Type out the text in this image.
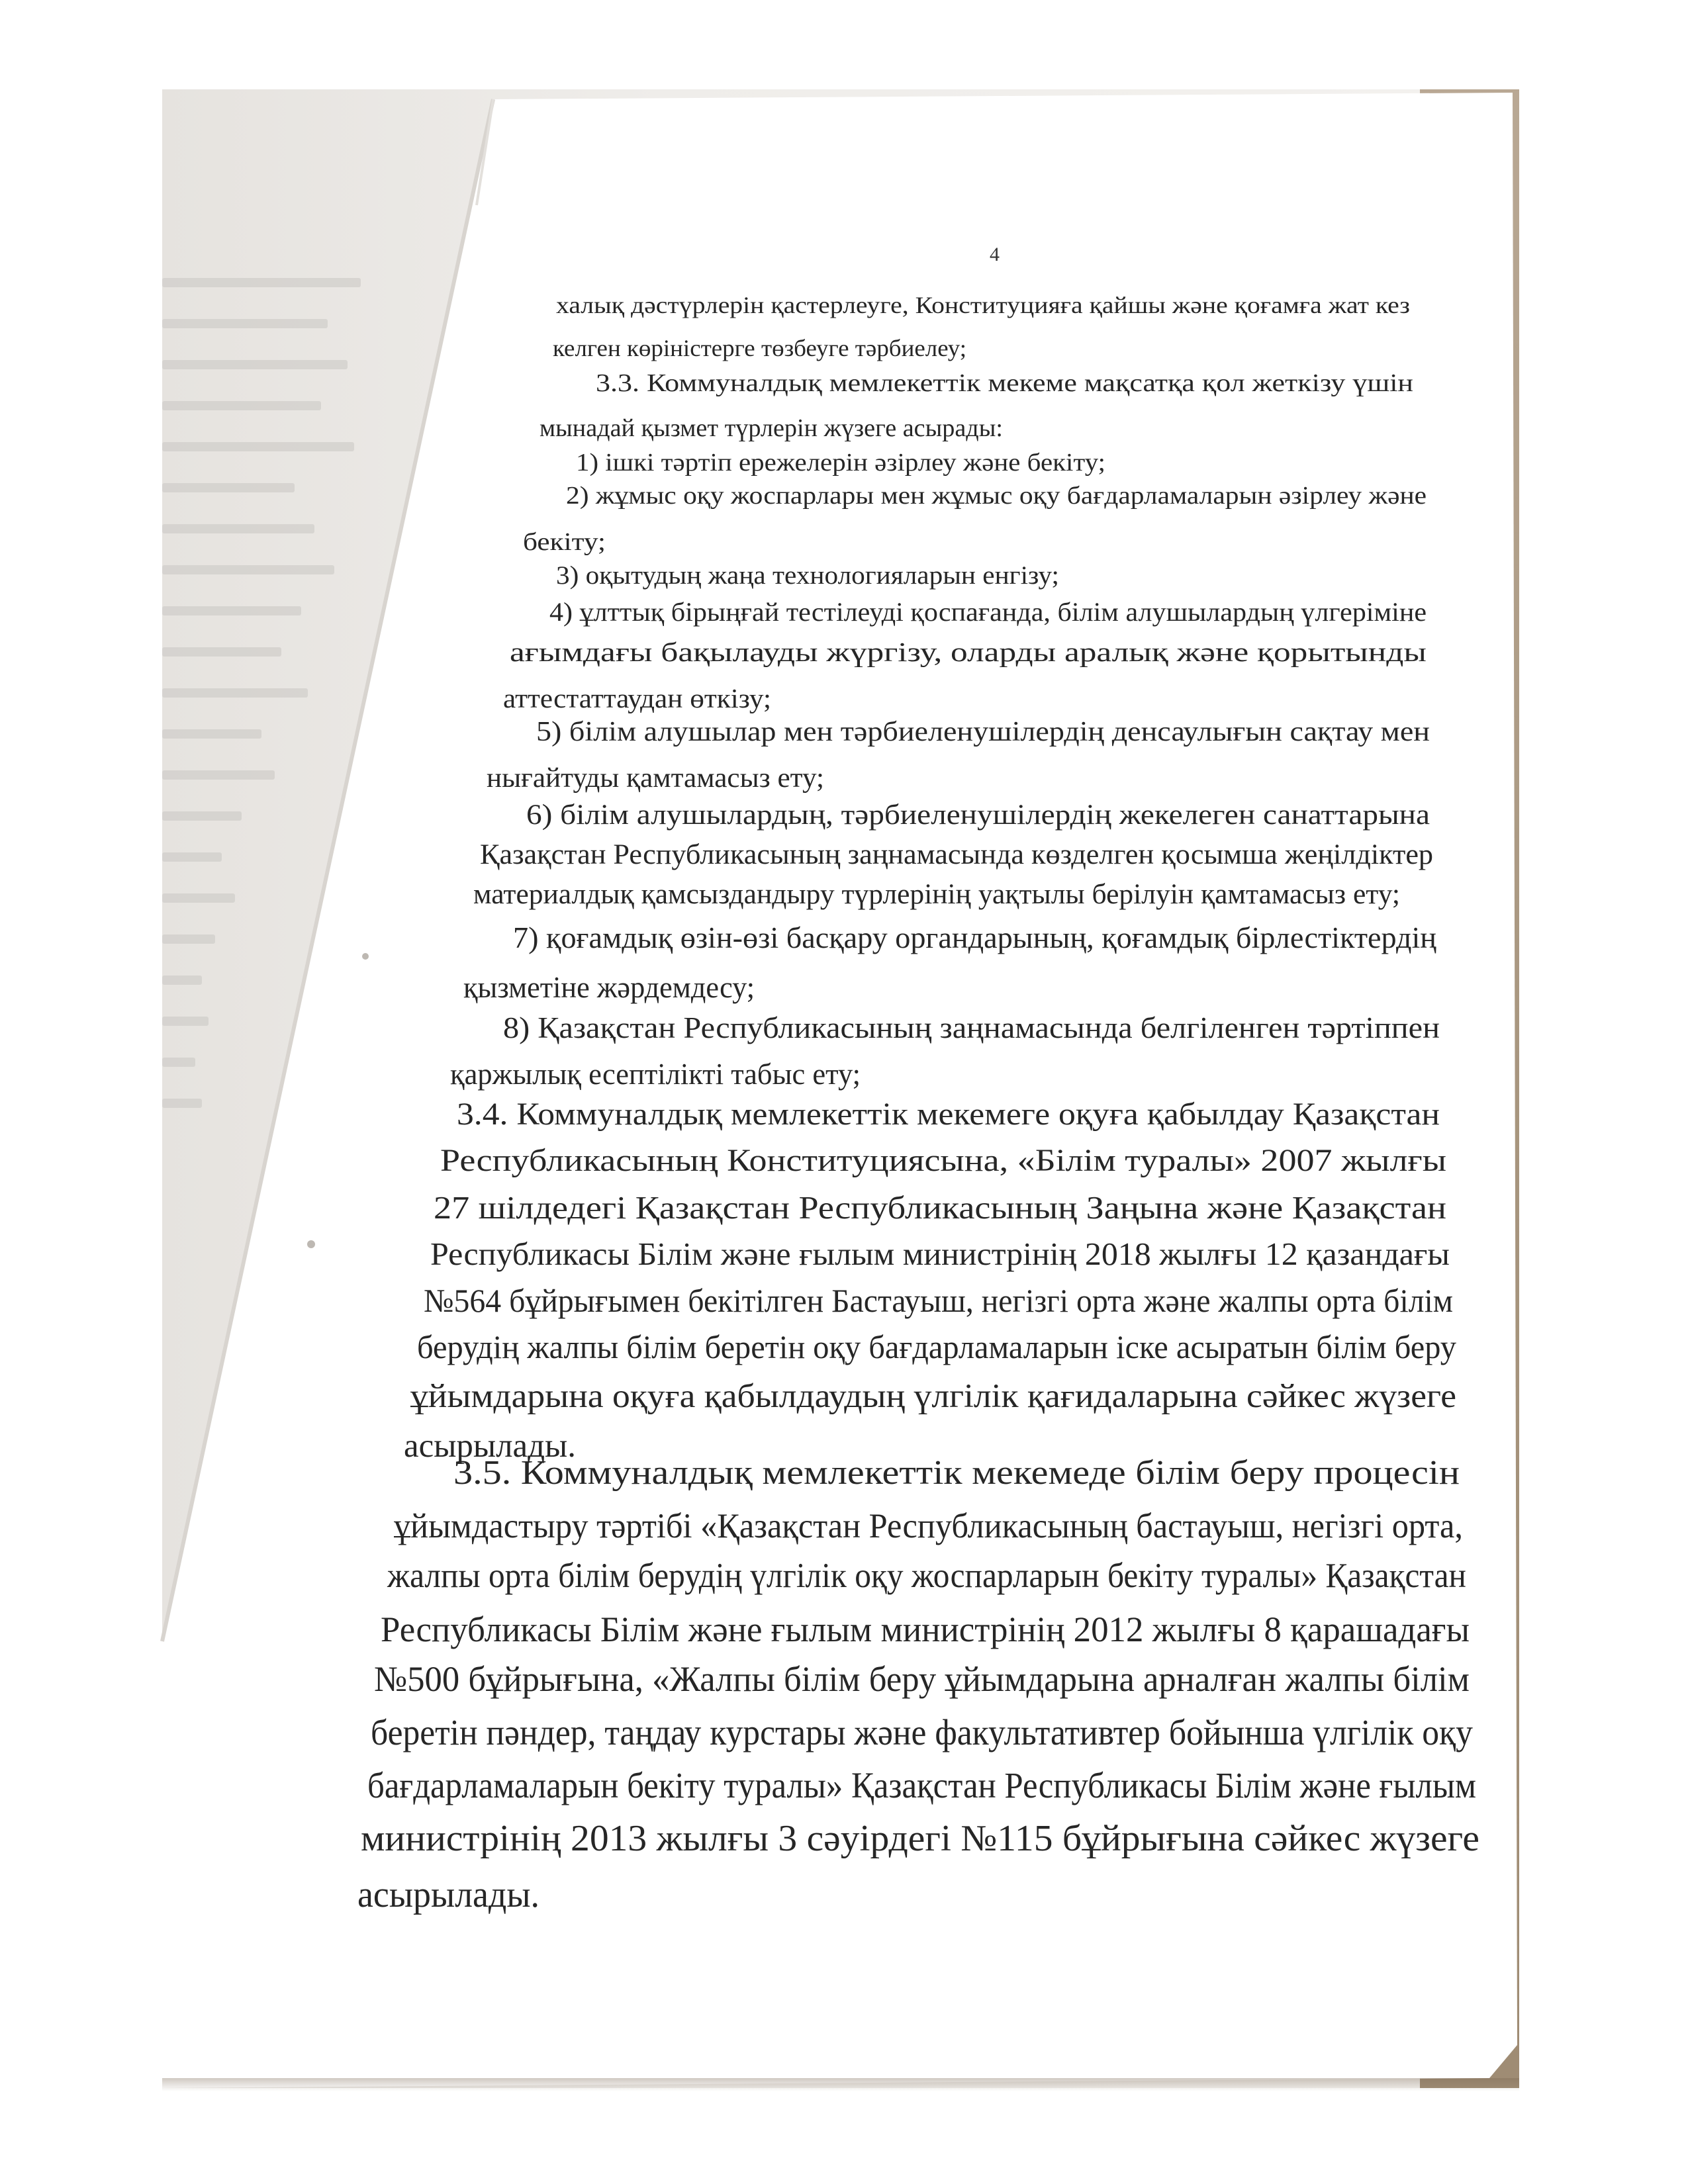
4
халық дәстүрлерін қастерлеуге, Конституцияға қайшы және қоғамға жат кез
келген көріністерге төзбеуге тәрбиелеу;
3.3. Коммуналдық мемлекеттік мекеме мақсатқа қол жеткізу үшін
мынадай қызмет түрлерін жүзеге асырады:
1) ішкі тәртіп ережелерін әзірлеу және бекіту;
2) жұмыс оқу жоспарлары мен жұмыс оқу бағдарламаларын әзірлеу және
бекіту;
3) оқытудың жаңа технологияларын енгізу;
4) ұлттық бірыңғай тестілеуді қоспағанда, білім алушылардың үлгеріміне
ағымдағы бақылауды жүргізу, оларды аралық және қорытынды
аттестаттаудан өткізу;
5) білім алушылар мен тәрбиеленушілердің денсаулығын сақтау мен
нығайтуды қамтамасыз ету;
6) білім алушылардың, тәрбиеленушілердің жекелеген санаттарына
Қазақстан Республикасының заңнамасында көзделген қосымша жеңілдіктер
материалдық қамсыздандыру түрлерінің уақтылы берілуін қамтамасыз ету;
7) қоғамдық өзін-өзі басқару органдарының, қоғамдық бірлестіктердің
қызметіне жәрдемдесу;
8) Қазақстан Республикасының заңнамасында белгіленген тәртіппен
қаржылық есептілікті табыс ету;
3.4. Коммуналдық мемлекеттік мекемеге оқуға қабылдау Қазақстан
Республикасының Конституциясына, «Білім туралы» 2007 жылғы
27 шілдедегі Қазақстан Республикасының Заңына және Қазақстан
Республикасы Білім және ғылым министрінің 2018 жылғы 12 қазандағы
№564 бұйрығымен бекітілген Бастауыш, негізгі орта және жалпы орта білім
берудің жалпы білім беретін оқу бағдарламаларын іске асыратын білім беру
ұйымдарына оқуға қабылдаудың үлгілік қағидаларына сәйкес жүзеге
асырылады.
3.5. Коммуналдық мемлекеттік мекемеде білім беру процесін
ұйымдастыру тәртібі «Қазақстан Республикасының бастауыш, негізгі орта,
жалпы орта білім берудің үлгілік оқу жоспарларын бекіту туралы» Қазақстан
Республикасы Білім және ғылым министрінің 2012 жылғы 8 қарашадағы
№500 бұйрығына, «Жалпы білім беру ұйымдарына арналған жалпы білім
беретін пәндер, таңдау курстары және факультативтер бойынша үлгілік оқу
бағдарламаларын бекіту туралы» Қазақстан Республикасы Білім және ғылым
министрінің 2013 жылғы 3 сәуірдегі №115 бұйрығына сәйкес жүзеге
асырылады.
